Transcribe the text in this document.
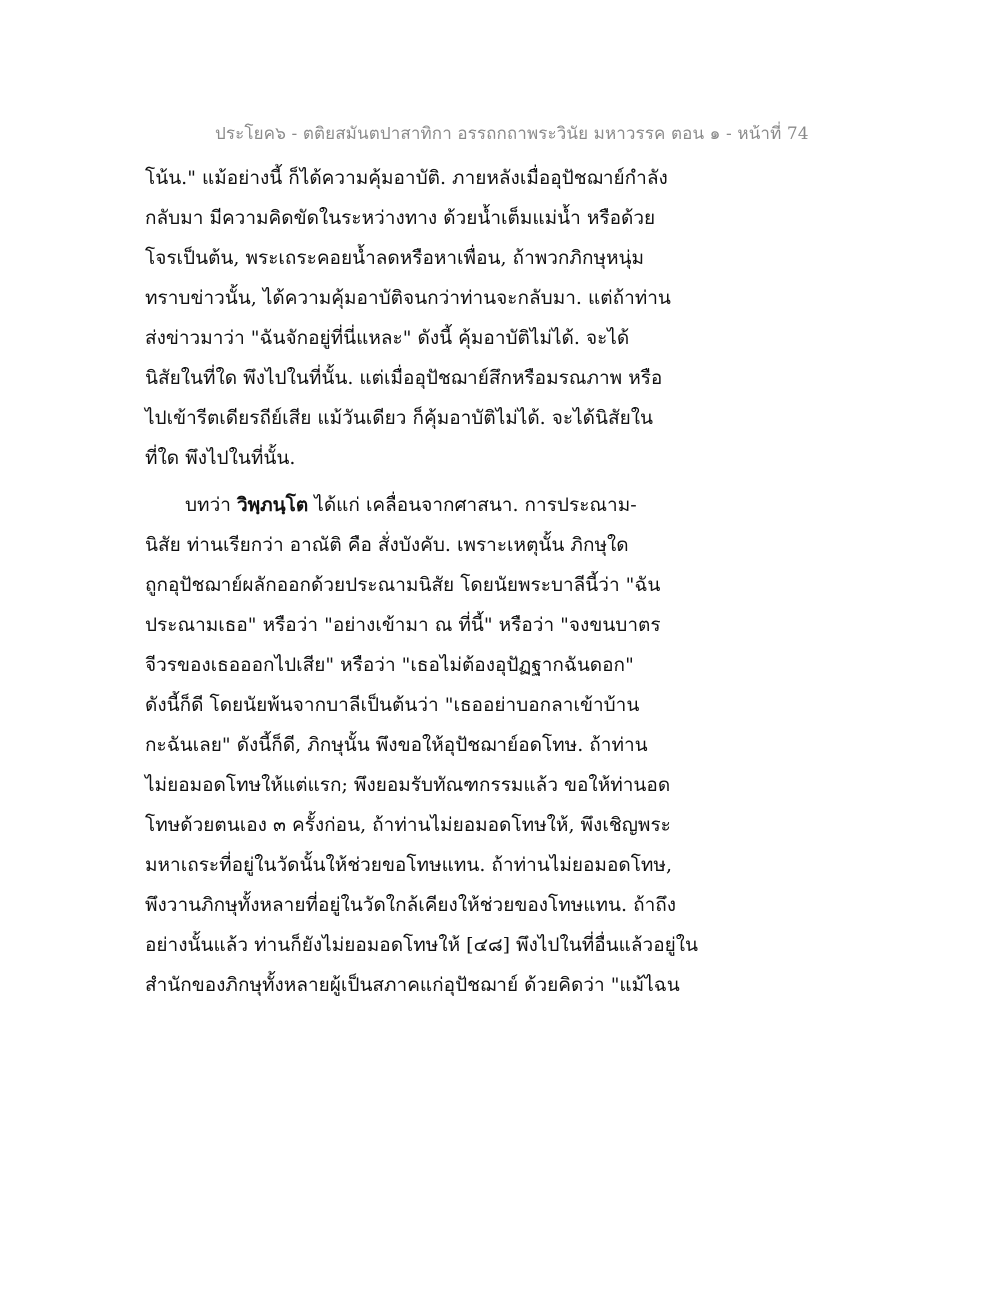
ประโยค๖ - ตติยสมันตปาสาทิกา อรรถกถาพระวินัย มหาวรรค ตอน ๑ - หน้าที่ 74
โน้น." แม้อย่างนี้ ก็ได้ความคุ้มอาบัติ. ภายหลังเมื่ออุปัชฌาย์กำลัง
กลับมา มีความคิดขัดในระหว่างทาง ด้วยน้ำเต็มแม่น้ำ หรือด้วย
โจรเป็นต้น, พระเถระคอยน้ำลดหรือหาเพื่อน, ถ้าพวกภิกษุหนุ่ม
ทราบข่าวนั้น, ได้ความคุ้มอาบัติจนกว่าท่านจะกลับมา. แต่ถ้าท่าน
ส่งข่าวมาว่า "ฉันจักอยู่ที่นี่แหละ" ดังนี้ คุ้มอาบัติไม่ได้. จะได้
นิสัยในที่ใด พึงไปในที่นั้น. แต่เมื่ออุปัชฌาย์สึกหรือมรณภาพ หรือ
ไปเข้ารีตเดียรถีย์เสีย แม้วันเดียว ก็คุ้มอาบัติไม่ได้. จะได้นิสัยใน
ที่ใด พึงไปในที่นั้น.
บทว่า วิพฺภนฺโต ได้แก่ เคลื่อนจากศาสนา. การประณาม-
นิสัย ท่านเรียกว่า อาณัติ คือ สั่งบังคับ. เพราะเหตุนั้น ภิกษุใด
ถูกอุปัชฌาย์ผลักออกด้วยประณามนิสัย โดยนัยพระบาลีนี้ว่า "ฉัน
ประณามเธอ" หรือว่า "อย่างเข้ามา ณ ที่นี้" หรือว่า "จงขนบาตร
จีวรของเธอออกไปเสีย" หรือว่า "เธอไม่ต้องอุปัฏฐากฉันดอก"
ดังนี้ก็ดี โดยนัยพ้นจากบาลีเป็นต้นว่า "เธออย่าบอกลาเข้าบ้าน
กะฉันเลย" ดังนี้ก็ดี, ภิกษุนั้น พึงขอให้อุปัชฌาย์อดโทษ. ถ้าท่าน
ไม่ยอมอดโทษให้แต่แรก; พึงยอมรับทัณฑกรรมแล้ว ขอให้ท่านอด
โทษด้วยตนเอง ๓ ครั้งก่อน, ถ้าท่านไม่ยอมอดโทษให้, พึงเชิญพระ
มหาเถระที่อยู่ในวัดนั้นให้ช่วยขอโทษแทน. ถ้าท่านไม่ยอมอดโทษ,
พึงวานภิกษุทั้งหลายที่อยู่ในวัดใกล้เคียงให้ช่วยของโทษแทน. ถ้าถึง
อย่างนั้นแล้ว ท่านก็ยังไม่ยอมอดโทษให้ [๔๘] พึงไปในที่อื่นแล้วอยู่ใน
สำนักของภิกษุทั้งหลายผู้เป็นสภาคแก่อุปัชฌาย์ ด้วยคิดว่า "แม้ไฉน
